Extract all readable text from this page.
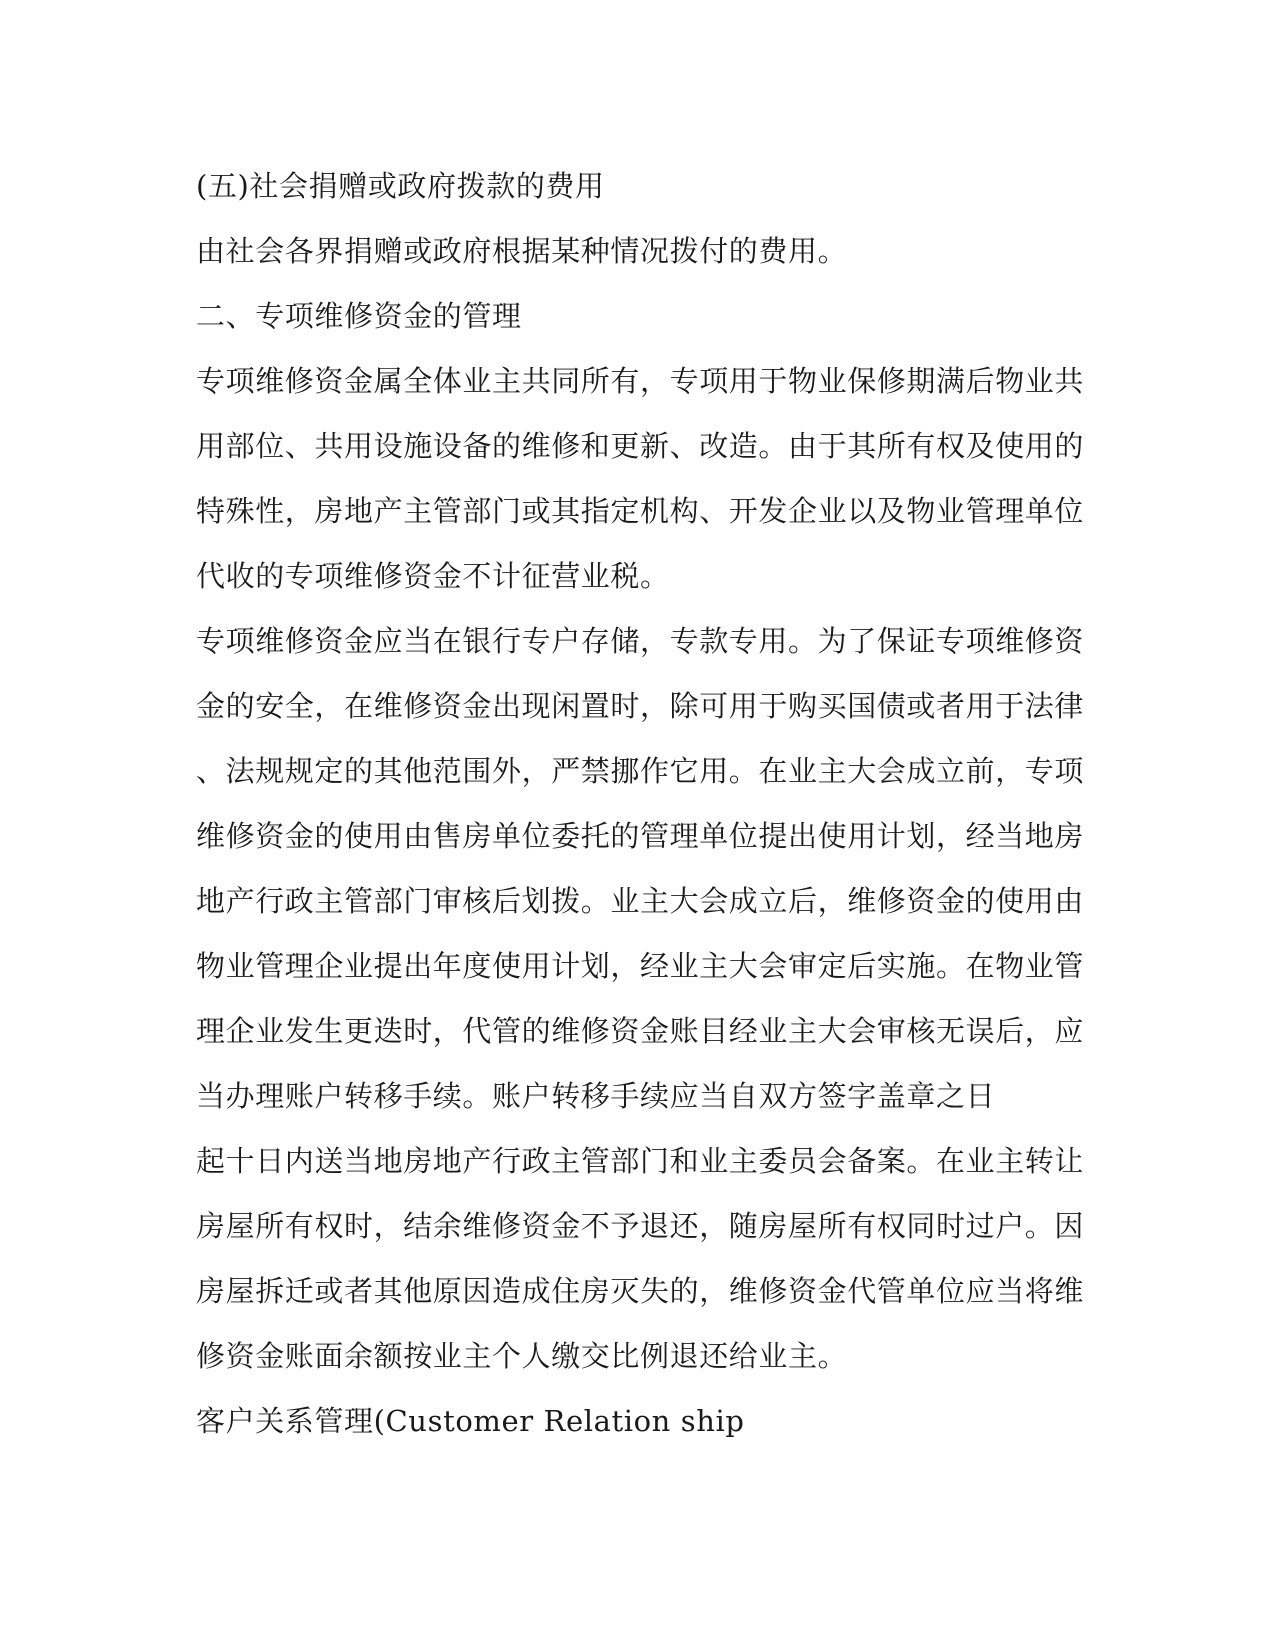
(五)社会捐赠或政府拨款的费用
由社会各界捐赠或政府根据某种情况拨付的费用。
二、专项维修资金的管理
专项维修资金属全体业主共同所有，专项用于物业保修期满后物业共
用部位、共用设施设备的维修和更新、改造。由于其所有权及使用的
特殊性，房地产主管部门或其指定机构、开发企业以及物业管理单位
代收的专项维修资金不计征营业税。
专项维修资金应当在银行专户存储，专款专用。为了保证专项维修资
金的安全，在维修资金出现闲置时，除可用于购买国债或者用于法律
、法规规定的其他范围外，严禁挪作它用。在业主大会成立前，专项
维修资金的使用由售房单位委托的管理单位提出使用计划，经当地房
地产行政主管部门审核后划拨。业主大会成立后，维修资金的使用由
物业管理企业提出年度使用计划，经业主大会审定后实施。在物业管
理企业发生更迭时，代管的维修资金账目经业主大会审核无误后，应
当办理账户转移手续。账户转移手续应当自双方签字盖章之日
起十日内送当地房地产行政主管部门和业主委员会备案。在业主转让
房屋所有权时，结余维修资金不予退还，随房屋所有权同时过户。因
房屋拆迁或者其他原因造成住房灭失的，维修资金代管单位应当将维
修资金账面余额按业主个人缴交比例退还给业主。
客户关系管理(Customer Relation ship
